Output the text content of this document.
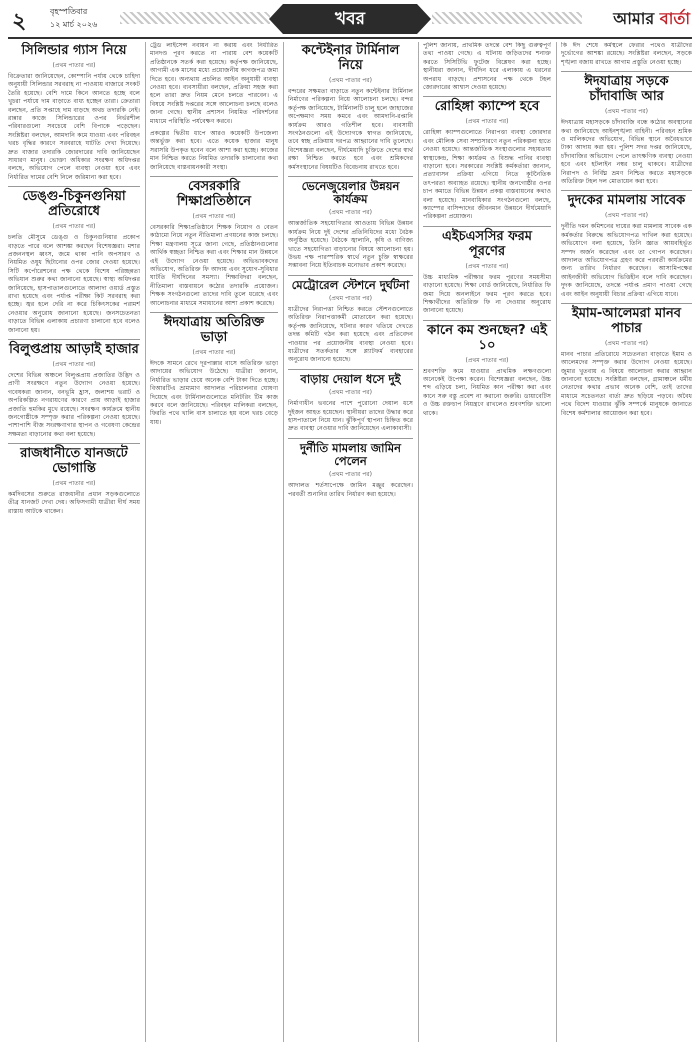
২	বৃহস্পতিবার
১২ মার্চ ২০২৬	খবর	আমার বার্তা
সিলিন্ডার গ্যাস নিয়ে
(প্রথম পাতার পর)

বিক্রেতারা জানিয়েছেন, কোম্পানি পর্যায় থেকে চাহিদা অনুযায়ী সিলিন্ডার সরবরাহ না পাওয়ায় বাজারে সংকট তৈরি হয়েছে। বেশি দামে কিনে আনতে হচ্ছে বলে খুচরা পর্যায়ে দাম বাড়াতে বাধ্য হচ্ছেন তারা। ক্রেতারা বলছেন, প্রতি সপ্তাহে দাম বাড়ছে অথচ তদারকি নেই। রান্নার কাজে সিলিন্ডারের ওপর নির্ভরশীল পরিবারগুলো সবচেয়ে বেশি বিপাকে পড়েছেন। সংশ্লিষ্টরা বলছেন, আমদানি কমে যাওয়া এবং পরিবহন খরচ বৃদ্ধির কারণে সরবরাহে ঘাটতি দেখা দিয়েছে। দ্রুত বাজার তদারকি জোরদারের দাবি জানিয়েছেন সাধারণ মানুষ। ভোক্তা অধিকার সংরক্ষণ অধিদপ্তর বলছে, অভিযোগ পেলে ব্যবস্থা নেওয়া হবে এবং নির্ধারিত দামের বেশি নিলে জরিমানা করা হবে।

ডেঙ্গু-চিকুনগুনিয়া প্রতিরোধে
(প্রথম পাতার পর)

চলতি মৌসুমে ডেঙ্গু ও চিকুনগুনিয়ার প্রকোপ বাড়তে পারে বলে আশঙ্কা করছেন বিশেষজ্ঞরা। মশার প্রজননস্থল ধ্বংস, জমে থাকা পানি অপসারণ ও নিয়মিত ওষুধ ছিটানোর ওপর জোর দেওয়া হয়েছে। সিটি কর্পোরেশনের পক্ষ থেকে বিশেষ পরিচ্ছন্নতা অভিযান শুরুর কথা জানানো হয়েছে। স্বাস্থ্য অধিদপ্তর জানিয়েছে, হাসপাতালগুলোতে আলাদা ওয়ার্ড প্রস্তুত রাখা হয়েছে এবং পর্যাপ্ত পরীক্ষা কিট সরবরাহ করা হচ্ছে। জ্বর হলে দেরি না করে চিকিৎসকের পরামর্শ নেওয়ার অনুরোধ জানানো হয়েছে। জনসচেতনতা বাড়াতে বিভিন্ন এলাকায় প্রচারণা চালানো হবে বলেও জানানো হয়।

বিলুপ্তপ্রায় আড়াই হাজার
(প্রথম পাতার পর)

দেশের বিভিন্ন অঞ্চলে বিলুপ্তপ্রায় প্রজাতির উদ্ভিদ ও প্রাণী সংরক্ষণে নতুন উদ্যোগ নেওয়া হয়েছে। গবেষকরা জানান, বনভূমি হ্রাস, জলাশয় ভরাট ও অপরিকল্পিত নগরায়ণের কারণে প্রায় আড়াই হাজার প্রজাতি হুমকির মুখে রয়েছে। সংরক্ষণ কার্যক্রমে স্থানীয় জনগোষ্ঠীকে সম্পৃক্ত করার পরিকল্পনা নেওয়া হয়েছে। পাশাপাশি বীজ সংরক্ষণাগার স্থাপন ও গবেষণা কেন্দ্রের সক্ষমতা বাড়ানোর কথা বলা হয়েছে।

রাজধানীতে যানজটে ভোগান্তি
(প্রথম পাতার পর)

কর্মদিবসের শুরুতে রাজধানীর প্রধান সড়কগুলোতে তীব্র যানজট দেখা দেয়। অফিসগামী যাত্রীরা দীর্ঘ সময় রাস্তায় আটকে থাকেন।

ট্রেড লাইসেন্স নবায়ন না করায় এবং নির্ধারিত মানদণ্ড পূরণ করতে না পারায় বেশ কয়েকটি প্রতিষ্ঠানকে সতর্ক করা হয়েছে। কর্তৃপক্ষ জানিয়েছে, আগামী এক মাসের মধ্যে প্রয়োজনীয় কাগজপত্র জমা দিতে হবে। অন্যথায় প্রচলিত আইন অনুযায়ী ব্যবস্থা নেওয়া হবে। ব্যবসায়ীরা বলছেন, প্রক্রিয়া সহজ করা হলে তারা দ্রুত নিয়ম মেনে চলতে পারবেন। এ বিষয়ে সংশ্লিষ্ট দপ্তরের সঙ্গে আলোচনা চলছে বলেও জানা গেছে। স্থানীয় প্রশাসন নিয়মিত পরিদর্শনের মাধ্যমে পরিস্থিতি পর্যবেক্ষণ করবে।

প্রকল্পের দ্বিতীয় ধাপে আরও কয়েকটি উপজেলা অন্তর্ভুক্ত করা হবে। এতে কয়েক হাজার মানুষ সরাসরি উপকৃত হবেন বলে আশা করা হচ্ছে। কাজের মান নিশ্চিত করতে নিয়মিত তদারকি চালানোর কথা জানিয়েছে বাস্তবায়নকারী সংস্থা।

বেসরকারি শিক্ষাপ্রতিষ্ঠানে
(প্রথম পাতার পর)

বেসরকারি শিক্ষাপ্রতিষ্ঠানে শিক্ষক নিয়োগ ও বেতন কাঠামো নিয়ে নতুন নীতিমালা প্রণয়নের কাজ চলছে। শিক্ষা মন্ত্রণালয় সূত্রে জানা গেছে, প্রতিষ্ঠানগুলোর আর্থিক স্বচ্ছতা নিশ্চিত করা এবং শিক্ষার মান উন্নয়নে এই উদ্যোগ নেওয়া হয়েছে। অভিভাবকদের অভিযোগ, অতিরিক্ত ফি আদায় এবং সুযোগ-সুবিধার ঘাটতি দীর্ঘদিনের সমস্যা। শিক্ষাবিদরা বলছেন, নীতিমালা বাস্তবায়নে কঠোর তদারকি প্রয়োজন। শিক্ষক সংগঠনগুলো তাদের দাবি তুলে ধরেছে এবং আলোচনার মাধ্যমে সমাধানের আশা প্রকাশ করেছে।

ঈদযাত্রায় অতিরিক্ত ভাড়া
(প্রথম পাতার পর)

ঈদকে সামনে রেখে দূরপাল্লার বাসে অতিরিক্ত ভাড়া আদায়ের অভিযোগ উঠেছে। যাত্রীরা জানান, নির্ধারিত ভাড়ার চেয়ে অনেক বেশি টাকা দিতে হচ্ছে। বিআরটিএ ভ্রাম্যমাণ আদালত পরিচালনার ঘোষণা দিয়েছে এবং টার্মিনালগুলোতে মনিটরিং টিম কাজ করবে বলে জানিয়েছে। পরিবহন মালিকরা বলছেন, ফিরতি পথে খালি বাস চালাতে হয় বলে খরচ বেড়ে যায়।

কন্টেইনার টার্মিনাল নিয়ে
(প্রথম পাতার পর)

বন্দরের সক্ষমতা বাড়াতে নতুন কন্টেইনার টার্মিনাল নির্মাণের পরিকল্পনা নিয়ে আলোচনা চলছে। বন্দর কর্তৃপক্ষ জানিয়েছে, টার্মিনালটি চালু হলে জাহাজের অপেক্ষমাণ সময় কমবে এবং আমদানি-রপ্তানি কার্যক্রম আরও গতিশীল হবে। ব্যবসায়ী সংগঠনগুলো এই উদ্যোগকে স্বাগত জানিয়েছে, তবে স্বচ্ছ প্রক্রিয়ায় দরপত্র আহ্বানের দাবি তুলেছে। বিশেষজ্ঞরা বলছেন, দীর্ঘমেয়াদি চুক্তিতে দেশের স্বার্থ রক্ষা নিশ্চিত করতে হবে এবং শ্রমিকদের কর্মসংস্থানের বিষয়টিও বিবেচনায় রাখতে হবে।

ভেনেজুয়েলার উন্নয়ন কার্যক্রম
(প্রথম পাতার পর)

আন্তর্জাতিক সহযোগিতার আওতায় বিভিন্ন উন্নয়ন কার্যক্রম নিয়ে দুই দেশের প্রতিনিধিদের মধ্যে বৈঠক অনুষ্ঠিত হয়েছে। বৈঠকে জ্বালানি, কৃষি ও বাণিজ্য খাতে সহযোগিতা বাড়ানোর বিষয়ে আলোচনা হয়। উভয় পক্ষ পারস্পরিক স্বার্থে নতুন চুক্তি স্বাক্ষরের সম্ভাবনা নিয়ে ইতিবাচক মনোভাব প্রকাশ করেছে।

মেট্রোরেল স্টেশনে দুর্ঘটনা
(প্রথম পাতার পর)

যাত্রীদের নিরাপত্তা নিশ্চিত করতে স্টেশনগুলোতে অতিরিক্ত নিরাপত্তাকর্মী মোতায়েন করা হয়েছে। কর্তৃপক্ষ জানিয়েছে, ঘটনার কারণ খতিয়ে দেখতে তদন্ত কমিটি গঠন করা হয়েছে এবং প্রতিবেদন পাওয়ার পর প্রয়োজনীয় ব্যবস্থা নেওয়া হবে। যাত্রীদের সতর্কতার সঙ্গে প্ল্যাটফর্ম ব্যবহারের অনুরোধ জানানো হয়েছে।

বাড়ায় দেয়াল ধসে দুই
(প্রথম পাতার পর)

নির্মাণাধীন ভবনের পাশে পুরোনো দেয়াল ধসে দুইজন আহত হয়েছেন। স্থানীয়রা তাদের উদ্ধার করে হাসপাতালে নিয়ে যান। ঝুঁকিপূর্ণ স্থাপনা চিহ্নিত করে দ্রুত ব্যবস্থা নেওয়ার দাবি জানিয়েছেন এলাকাবাসী।

দুর্নীতি মামলায় জামিন পেলেন
(প্রথম পাতার পর)

আদালত শর্তসাপেক্ষে জামিন মঞ্জুর করেছেন। পরবর্তী শুনানির তারিখ নির্ধারণ করা হয়েছে।

পুলিশ জানায়, প্রাথমিক তদন্তে বেশ কিছু গুরুত্বপূর্ণ তথ্য পাওয়া গেছে। এ ঘটনায় জড়িতদের শনাক্ত করতে সিসিটিভি ফুটেজ বিশ্লেষণ করা হচ্ছে। স্থানীয়রা জানান, দীর্ঘদিন ধরে এলাকায় এ ধরনের অপরাধ বাড়ছে। প্রশাসনের পক্ষ থেকে টহল জোরদারের আশ্বাস দেওয়া হয়েছে।

রোহিঙ্গা ক্যাম্পে হবে
(প্রথম পাতার পর)

রোহিঙ্গা ক্যাম্পগুলোতে নিরাপত্তা ব্যবস্থা জোরদার এবং মৌলিক সেবা সম্প্রসারণে নতুন পরিকল্পনা হাতে নেওয়া হয়েছে। আন্তর্জাতিক সংস্থাগুলোর সহায়তায় স্বাস্থ্যকেন্দ্র, শিক্ষা কার্যক্রম ও বিশুদ্ধ পানির ব্যবস্থা বাড়ানো হবে। সরকারের সংশ্লিষ্ট কর্মকর্তারা জানান, প্রত্যাবাসন প্রক্রিয়া এগিয়ে নিতে কূটনৈতিক তৎপরতা অব্যাহত রয়েছে। স্থানীয় জনগোষ্ঠীর ওপর চাপ কমাতে বিভিন্ন উন্নয়ন প্রকল্প বাস্তবায়নের কথাও বলা হয়েছে। মানবাধিকার সংগঠনগুলো বলছে, ক্যাম্পের বাসিন্দাদের জীবনমান উন্নয়নে দীর্ঘমেয়াদি পরিকল্পনা প্রয়োজন।

এইচএসসির ফরম পূরণের
(প্রথম পাতার পর)

উচ্চ মাধ্যমিক পরীক্ষার ফরম পূরণের সময়সীমা বাড়ানো হয়েছে। শিক্ষা বোর্ড জানিয়েছে, নির্ধারিত ফি জমা দিয়ে অনলাইনে ফরম পূরণ করতে হবে। শিক্ষার্থীদের অতিরিক্ত ফি না দেওয়ার অনুরোধ জানানো হয়েছে।

কানে কম শুনছেন? এই ১০
(প্রথম পাতার পর)

শ্রবণশক্তি কমে যাওয়ার প্রাথমিক লক্ষণগুলো অনেকেই উপেক্ষা করেন। বিশেষজ্ঞরা বলছেন, উচ্চ শব্দ এড়িয়ে চলা, নিয়মিত কান পরীক্ষা করা এবং কানে সরু বস্তু প্রবেশ না করানো জরুরি। ডায়াবেটিস ও উচ্চ রক্তচাপ নিয়ন্ত্রণে রাখলেও শ্রবণশক্তি ভালো থাকে।

কি ঈদ শেষে কর্মস্থলে ফেরার পথেও যাত্রীদের দুর্ভোগের আশঙ্কা রয়েছে। সংশ্লিষ্টরা বলছেন, সড়কে শৃঙ্খলা বজায় রাখতে আগাম প্রস্তুতি নেওয়া হচ্ছে।

ঈদযাত্রায় সড়কে চাঁদাবাজি আর
(প্রথম পাতার পর)

ঈদযাত্রায় মহাসড়কে চাঁদাবাজি বন্ধে কঠোর অবস্থানের কথা জানিয়েছে আইনশৃঙ্খলা বাহিনী। পরিবহন শ্রমিক ও মালিকদের অভিযোগ, বিভিন্ন স্থানে অবৈধভাবে টাকা আদায় করা হয়। পুলিশ সদর দপ্তর জানিয়েছে, চাঁদাবাজির অভিযোগ পেলে তাৎক্ষণিক ব্যবস্থা নেওয়া হবে এবং হটলাইন নম্বর চালু থাকবে। যাত্রীদের নিরাপদ ও নির্বিঘ্ন ভ্রমণ নিশ্চিত করতে মহাসড়কে অতিরিক্ত টহল দল মোতায়েন করা হবে।

দুদকের মামলায় সাবেক
(প্রথম পাতার পর)

দুর্নীতি দমন কমিশনের দায়ের করা মামলায় সাবেক এক কর্মকর্তার বিরুদ্ধে অভিযোগপত্র দাখিল করা হয়েছে। অভিযোগে বলা হয়েছে, তিনি জ্ঞাত আয়বহির্ভূত সম্পদ অর্জন করেছেন এবং তা গোপন করেছেন। আদালত অভিযোগপত্র গ্রহণ করে পরবর্তী কার্যক্রমের জন্য তারিখ নির্ধারণ করেছেন। আসামিপক্ষের আইনজীবী অভিযোগ ভিত্তিহীন বলে দাবি করেছেন। দুদক জানিয়েছে, তদন্তে পর্যাপ্ত প্রমাণ পাওয়া গেছে এবং আইন অনুযায়ী বিচার প্রক্রিয়া এগিয়ে যাবে।

ইমাম-আলেমরা মানব পাচার
(প্রথম পাতার পর)

মানব পাচার প্রতিরোধে সচেতনতা বাড়াতে ইমাম ও আলেমদের সম্পৃক্ত করার উদ্যোগ নেওয়া হয়েছে। জুমার খুতবায় এ বিষয়ে আলোচনা করার আহ্বান জানানো হয়েছে। সংশ্লিষ্টরা বলছেন, গ্রামাঞ্চলে ধর্মীয় নেতাদের কথার প্রভাব অনেক বেশি, তাই তাদের মাধ্যমে সচেতনতা বার্তা দ্রুত ছড়িয়ে পড়বে। অবৈধ পথে বিদেশ যাওয়ার ঝুঁকি সম্পর্কে মানুষকে জানাতে বিশেষ কর্মশালার আয়োজন করা হবে।
